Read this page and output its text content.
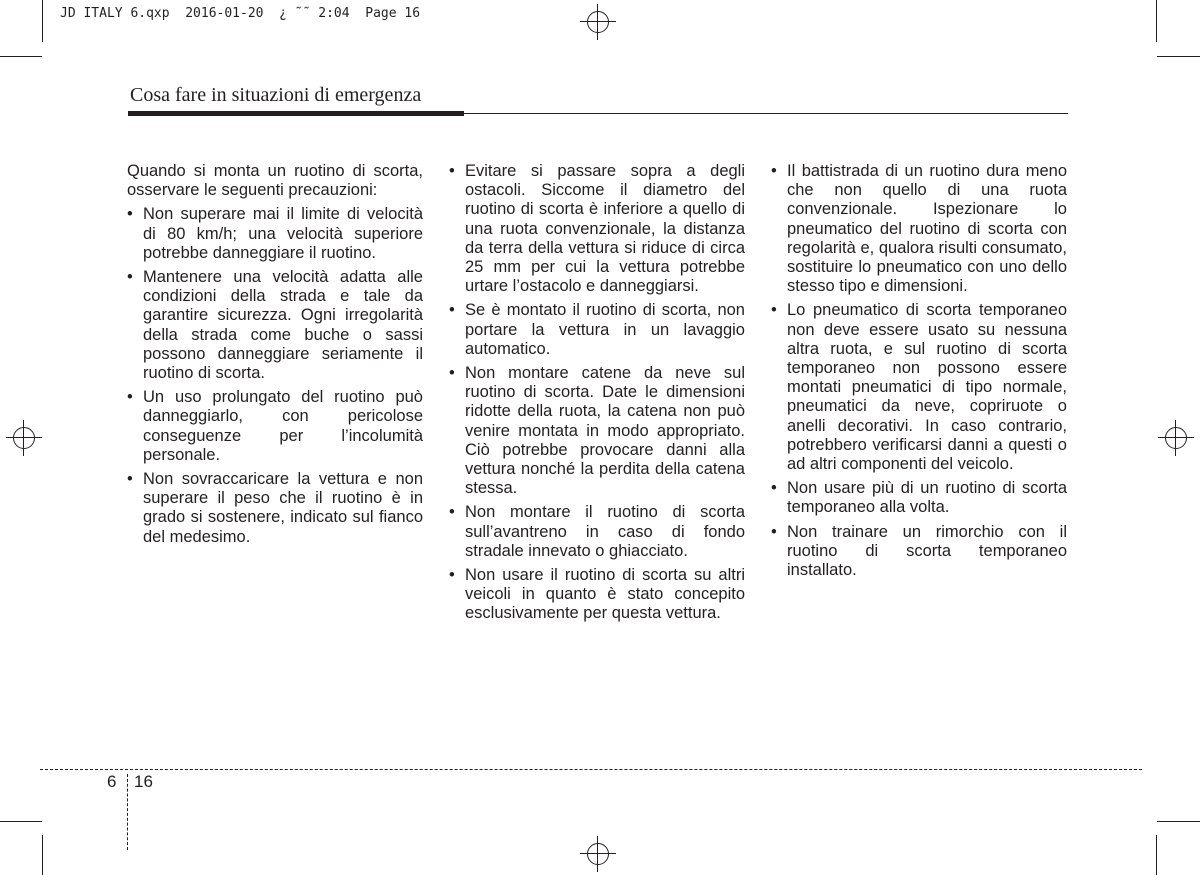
JD ITALY 6.qxp  2016-01-20  ¿ ˜˜ 2:04  Page 16
Cosa fare in situazioni di emergenza

Quando si monta un ruotino di scorta, osservare le seguenti precauzioni:

• Non superare mai il limite di velocità di 80 km/h; una velocità superiore potrebbe danneggiare il ruotino.
• Mantenere una velocità adatta alle condizioni della strada e tale da garantire sicurezza. Ogni irregolarità della strada come buche o sassi possono danneggiare seriamente il ruotino di scorta.
• Un uso prolungato del ruotino può danneggiarlo, con pericolose conseguenze per l’incolumità personale.
• Non sovraccaricare la vettura e non superare il peso che il ruotino è in grado si sostenere, indicato sul fianco del medesimo.
• Evitare si passare sopra a degli ostacoli. Siccome il diametro del ruotino di scorta è inferiore a quello di una ruota convenzionale, la distanza da terra della vettura si riduce di circa 25 mm per cui la vettura potrebbe urtare l’ostacolo e danneggiarsi.
• Se è montato il ruotino di scorta, non portare la vettura in un lavaggio automatico.
• Non montare catene da neve sul ruotino di scorta. Date le dimensioni ridotte della ruota, la catena non può venire montata in modo appropriato. Ciò potrebbe provocare danni alla vettura nonché la perdita della catena stessa.
• Non montare il ruotino di scorta sull’avantreno in caso di fondo stradale innevato o ghiacciato.
• Non usare il ruotino di scorta su altri veicoli in quanto è stato concepito esclusivamente per questa vettura.
• Il battistrada di un ruotino dura meno che non quello di una ruota convenzionale. Ispezionare lo pneumatico del ruotino di scorta con regolarità e, qualora risulti consumato, sostituire lo pneumatico con uno dello stesso tipo e dimensioni.
• Lo pneumatico di scorta temporaneo non deve essere usato su nessuna altra ruota, e sul ruotino di scorta temporaneo non possono essere montati pneumatici di tipo normale, pneumatici da neve, copriruote o anelli decorativi. In caso contrario, potrebbero verificarsi danni a questi o ad altri componenti del veicolo.
• Non usare più di un ruotino di scorta temporaneo alla volta.
• Non trainare un rimorchio con il ruotino di scorta temporaneo installato.
6 16
